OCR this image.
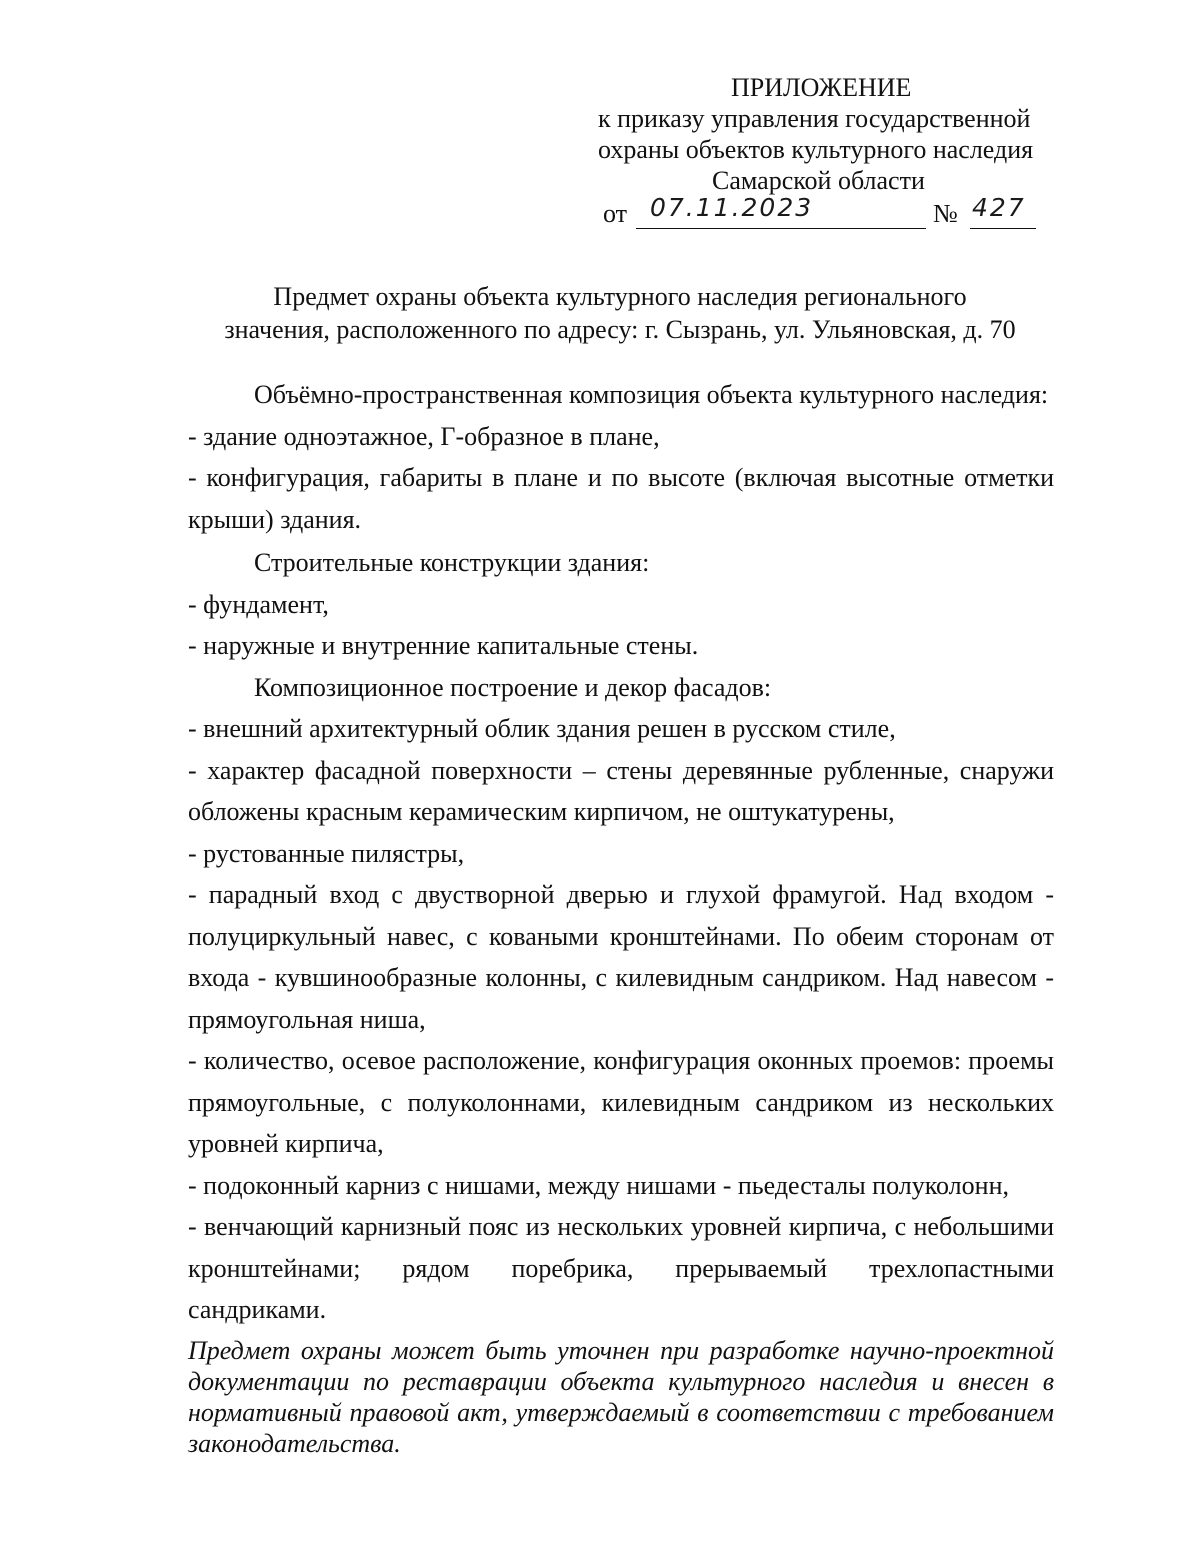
ПРИЛОЖЕНИЕ
к приказу управления государственной
охраны объектов культурного наследия
Самарской области
от 07.11.2023	№ 427
Предмет охраны объекта культурного наследия регионального
значения, расположенного по адресу: г. Сызрань, ул. Ульяновская, д. 70

Объёмно-пространственная композиция объекта культурного наследия:

- здание одноэтажное, Г-образное в плане,

- конфигурация, габариты в плане и по высоте (включая высотные отметки крыши) здания.

Строительные конструкции здания:

- фундамент,

- наружные и внутренние капитальные стены.

Композиционное построение и декор фасадов:

- внешний архитектурный облик здания решен в русском стиле,

- характер фасадной поверхности – стены деревянные рубленные, снаружи обложены красным керамическим кирпичом, не оштукатурены,

- рустованные пилястры,

- парадный вход с двустворной дверью и глухой фрамугой. Над входом - полуциркульный навес, с коваными кронштейнами. По обеим сторонам от входа - кувшинообразные колонны, с килевидным сандриком. Над навесом - прямоугольная ниша,

- количество, осевое расположение, конфигурация оконных проемов: проемы прямоугольные, с полуколоннами, килевидным сандриком из нескольких уровней кирпича,

- подоконный карниз с нишами, между нишами - пьедесталы полуколонн,

- венчающий карнизный пояс из нескольких уровней кирпича, с небольшими кронштейнами; рядом поребрика, прерываемый трехлопастными сандриками.

Предмет охраны может быть уточнен при разработке научно-проектной документации по реставрации объекта культурного наследия и внесен в нормативный правовой акт, утверждаемый в соответствии с требованием законодательства.
